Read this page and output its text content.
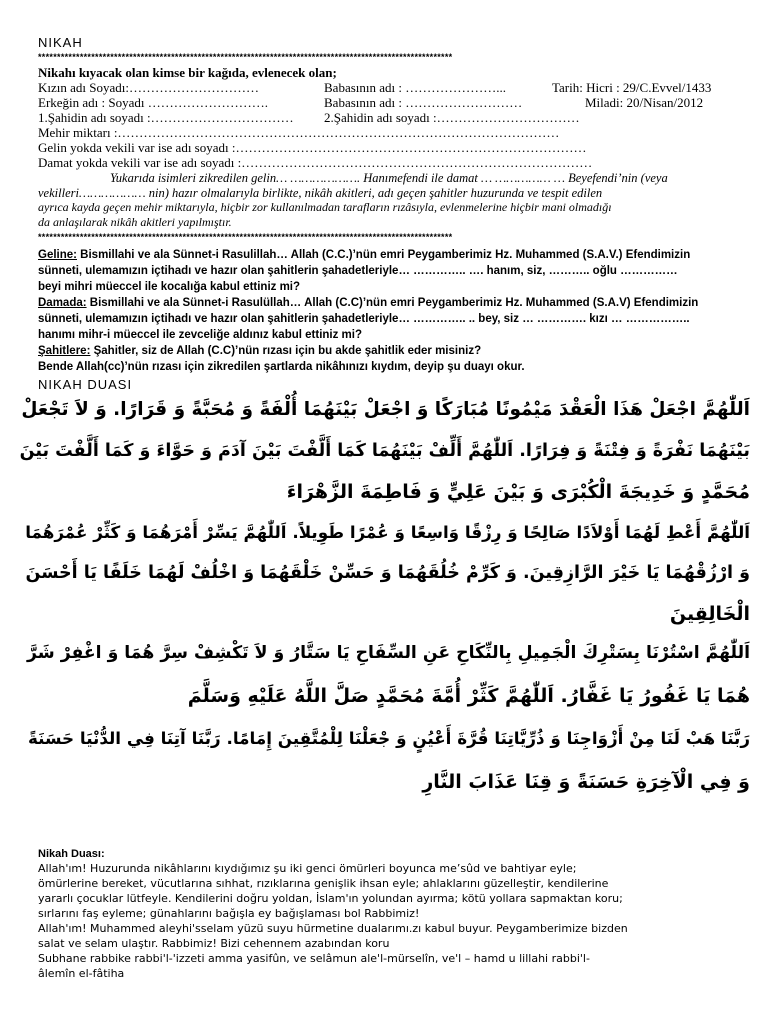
NIKAH
*************************************************************************************************************
Nikahı kıyacak olan kimse bir kağıda, evlenecek olan;
Kızın adı Soyadı:…………………………	Babasının adı : …………………...	Tarih: Hicri : 29/C.Evvel/1433
Erkeğin adı : Soyadı ……………………….	Babasının adı : ………………………	Miladi: 20/Nisan/2012
1.Şahidin adı soyadı :…………………………… 2.Şahidin adı soyadı :……………………………
Mehir miktarı :…………………………………………………………………………………………
Gelin yokda vekili var ise adı soyadı :………………………………………………………………………
Damat yokda vekili var ise adı soyadı :………………………………………………………………………
Yukarıda isimleri zikredilen gelin… ………………. Hanımefendi ile damat … …………… … Beyefendi’nin (veya
vekilleri……………… nin) hazır olmalarıyla birlikte, nikâh akitleri, adı geçen şahitler huzurunda ve tespit edilen
ayrıca kayda geçen mehir miktarıyla, hiçbir zor kullanılmadan tarafların rızâsıyla, evlenmelerine hiçbir mani olmadığı
da anlaşılarak nikâh akitleri yapılmıştır.
*************************************************************************************************************
Geline: Bismillahi ve ala Sünnet-i Rasulillah… Allah (C.C.)’nün emri Peygamberimiz Hz. Muhammed (S.A.V.) Efendimizin
sünneti, ulemamızın içtihadı ve hazır olan şahitlerin şahadetleriyle… ………….. …. hanım, siz, ……….. oğlu ……………
beyi mihri müeccel ile kocalığa kabul ettiniz mi?
Damada: Bismillahi ve ala Sünnet-i Rasulüllah… Allah (C.C)’nün emri Peygamberimiz Hz. Muhammed (S.A.V) Efendimizin
sünneti, ulemamızın içtihadı ve hazır olan şahitlerin şahadetleriyle… ………….. .. bey, siz … …………. kızı … ……………..
hanımı mihr-i müeccel ile zevceliğe aldınız kabul ettiniz mi?
Şahitlere: Şahitler, siz de Allah (C.C)’nün rızası için bu akde şahitlik eder misiniz?
Bende Allah(cc)’nün rızası için zikredilen şartlarda nikâhınızı kıydım, deyip şu duayı okur.
NIKAH DUASI
اَللّٰهُمَّ اجْعَلْ هَذَا الْعَقْدَ مَيْمُونًا مُبَارَكًا وَ اجْعَلْ بَيْنَهُمَا أُلْفَةً وَ مُحَبَّةً وَ قَرَارًا. وَ لاَ تَجْعَلْ
بَيْنَهُمَا نَفْرَةً وَ فِتْنَةً وَ فِرَارًا. اَللّٰهُمَّ أَلِّفْ بَيْنَهُمَا كَمَا أَلَّفْتَ بَيْنَ آدَمَ وَ حَوَّاءَ وَ كَمَا أَلَّفْتَ بَيْنَ
مُحَمَّدٍ وَ خَدِيجَةَ الْكُبْرَى وَ بَيْنَ عَلِيٍّ وَ فَاطِمَةَ الزَّهْرَاءَ
اَللّٰهُمَّ أَعْطِ لَهُمَا أَوْلاَدًا صَالِحًا وَ رِزْقًا وَاسِعًا وَ عُمْرًا طَوِيلاً. اَللّٰهُمَّ يَسِّرْ أَمْرَهُمَا وَ كَثِّرْ عُمْرَهُمَا
وَ ارْزُقْهُمَا يَا خَيْرَ الرَّازِقِينَ. وَ كَرِّمْ خُلُقَهُمَا وَ حَسِّنْ خَلْقَهُمَا وَ اخْلُفْ لَهُمَا خَلَفًا يَا أَحْسَنَ
الْخَالِقِينَ
اَللّٰهُمَّ اسْتُرْنَا بِسَتْرِكَ الْجَمِيلِ بِالنِّكَاحِ عَنِ السِّفَاحِ يَا سَتَّارُ وَ لاَ تَكْشِفْ سِرَّ هُمَا وَ اغْفِرْ شَرَّ
هُمَا يَا غَفُورُ يَا غَفَّارُ. اَللّٰهُمَّ كَثِّرْ أُمَّةَ مُحَمَّدٍ صَلَّ اللَّهُ عَلَيْهِ وَسَلَّمَ
رَبَّنَا هَبْ لَنَا مِنْ أَزْوَاجِنَا وَ ذُرِّيَّاتِنَا قُرَّةَ أَعْيُنٍ وَ جْعَلْنَا لِلْمُتَّقِينَ إِمَامًا. رَبَّنَا آتِنَا فِي الدُّنْيَا حَسَنَةً
وَ فِي الْآخِرَةِ حَسَنَةً وَ قِنَا عَذَابَ النَّارِ
Nikah Duası:
Allah'ım! Huzurunda nikâhlarını kıydığımız şu iki genci ömürleri boyunca me’sûd ve bahtiyar eyle;
ömürlerine bereket, vücutlarına sıhhat, rızıklarına genişlik ihsan eyle; ahlaklarını güzelleştir, kendilerine
yararlı çocuklar lütfeyle. Kendilerini doğru yoldan, İslam'ın yolundan ayırma; kötü yollara sapmaktan koru;
sırlarını faş eyleme; günahlarını bağışla ey bağışlaması bol Rabbimiz!
Allah'ım! Muhammed aleyhi'sselam yüzü suyu hürmetine dualarımı.zı kabul buyur. Peygamberimize bizden
salat ve selam ulaştır. Rabbimiz! Bizi cehennem azabından koru
Subhane rabbike rabbi'l-'izzeti amma yasifûn, ve selâmun ale'l-mürselîn, ve'l – hamd u lillahi rabbi'l-
âlemîn el-fâtiha
